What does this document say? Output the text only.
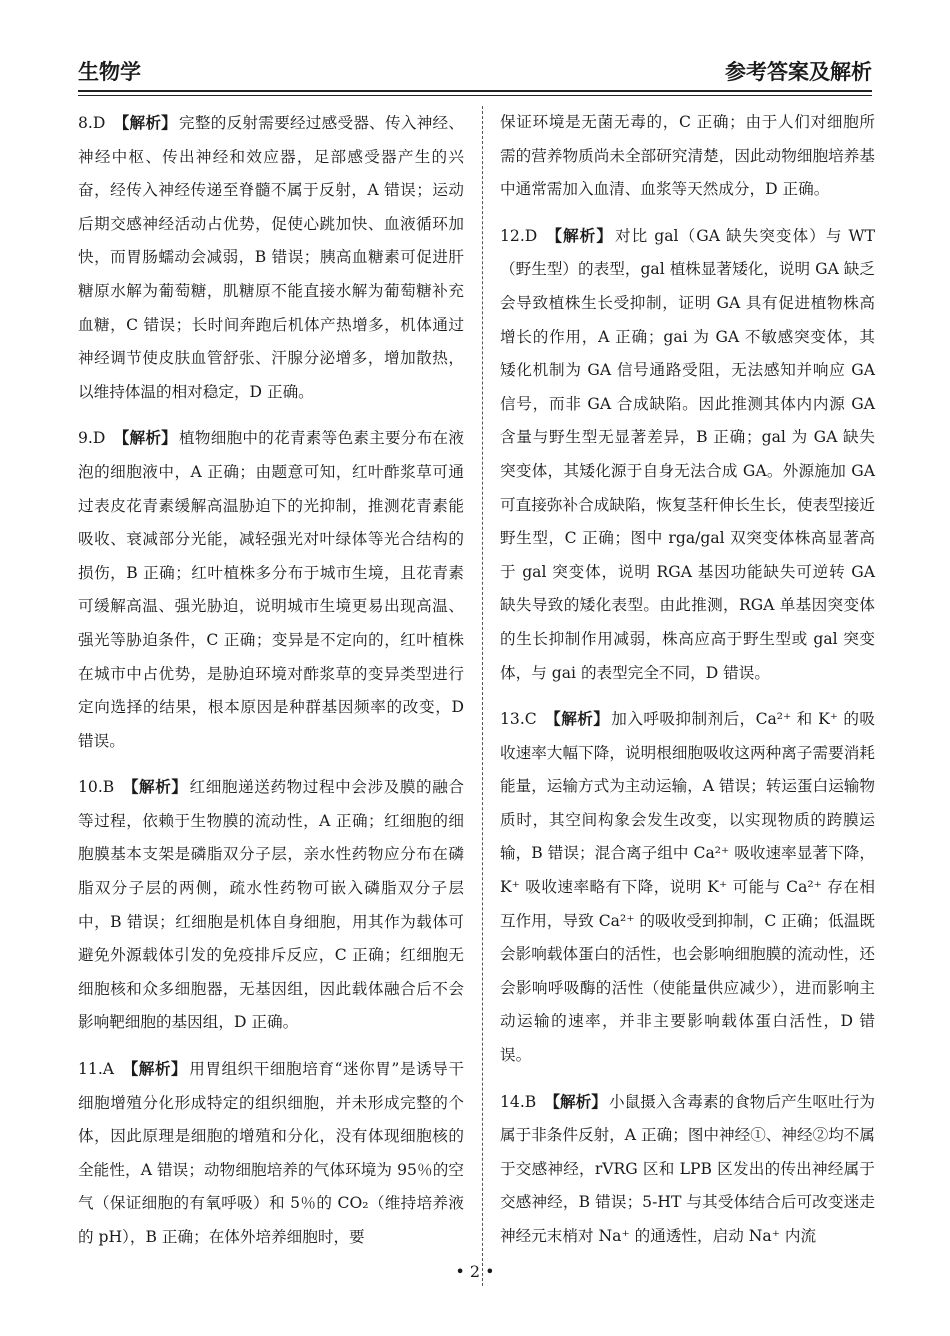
生物学	参考答案及解析
8.D 【解析】 完整的反射需要经过感受器、传入神经、神经中枢、传出神经和效应器，足部感受器产生的兴奋，经传入神经传递至脊髓不属于反射，A 错误；运动后期交感神经活动占优势，促使心跳加快、血液循环加快，而胃肠蠕动会减弱，B 错误；胰高血糖素可促进肝糖原水解为葡萄糖，肌糖原不能直接水解为葡萄糖补充血糖，C 错误；长时间奔跑后机体产热增多，机体通过神经调节使皮肤血管舒张、汗腺分泌增多，增加散热，以维持体温的相对稳定，D 正确。

9.D 【解析】 植物细胞中的花青素等色素主要分布在液泡的细胞液中，A 正确；由题意可知，红叶酢浆草可通过表皮花青素缓解高温胁迫下的光抑制，推测花青素能吸收、衰减部分光能，减轻强光对叶绿体等光合结构的损伤，B 正确；红叶植株多分布于城市生境，且花青素可缓解高温、强光胁迫，说明城市生境更易出现高温、强光等胁迫条件，C 正确；变异是不定向的，红叶植株在城市中占优势，是胁迫环境对酢浆草的变异类型进行定向选择的结果，根本原因是种群基因频率的改变，D 错误。

10.B 【解析】 红细胞递送药物过程中会涉及膜的融合等过程，依赖于生物膜的流动性，A 正确；红细胞的细胞膜基本支架是磷脂双分子层，亲水性药物应分布在磷脂双分子层的两侧，疏水性药物可嵌入磷脂双分子层中，B 错误；红细胞是机体自身细胞，用其作为载体可避免外源载体引发的免疫排斥反应，C 正确；红细胞无细胞核和众多细胞器，无基因组，因此载体融合后不会影响靶细胞的基因组，D 正确。

11.A 【解析】 用胃组织干细胞培育“迷你胃”是诱导干细胞增殖分化形成特定的组织细胞，并未形成完整的个体，因此原理是细胞的增殖和分化，没有体现细胞核的全能性，A 错误；动物细胞培养的气体环境为 95％的空气（保证细胞的有氧呼吸）和 5％的 CO₂（维持培养液的 pH），B 正确；在体外培养细胞时，要

保证环境是无菌无毒的，C 正确；由于人们对细胞所需的营养物质尚未全部研究清楚，因此动物细胞培养基中通常需加入血清、血浆等天然成分，D 正确。

12.D 【解析】 对比 gal（GA 缺失突变体）与 WT（野生型）的表型，gal 植株显著矮化，说明 GA 缺乏会导致植株生长受抑制，证明 GA 具有促进植物株高增长的作用，A 正确；gai 为 GA 不敏感突变体，其矮化机制为 GA 信号通路受阻，无法感知并响应 GA 信号，而非 GA 合成缺陷。因此推测其体内内源 GA 含量与野生型无显著差异，B 正确；gal 为 GA 缺失突变体，其矮化源于自身无法合成 GA。外源施加 GA 可直接弥补合成缺陷，恢复茎秆伸长生长，使表型接近野生型，C 正确；图中 rga/gal 双突变体株高显著高于 gal 突变体，说明 RGA 基因功能缺失可逆转 GA 缺失导致的矮化表型。由此推测，RGA 单基因突变体的生长抑制作用减弱，株高应高于野生型或 gal 突变体，与 gai 的表型完全不同，D 错误。

13.C 【解析】 加入呼吸抑制剂后，Ca²⁺ 和 K⁺ 的吸收速率大幅下降，说明根细胞吸收这两种离子需要消耗能量，运输方式为主动运输，A 错误；转运蛋白运输物质时，其空间构象会发生改变，以实现物质的跨膜运输，B 错误；混合离子组中 Ca²⁺ 吸收速率显著下降，K⁺ 吸收速率略有下降，说明 K⁺ 可能与 Ca²⁺ 存在相互作用，导致 Ca²⁺ 的吸收受到抑制，C 正确；低温既会影响载体蛋白的活性，也会影响细胞膜的流动性，还会影响呼吸酶的活性（使能量供应减少），进而影响主动运输的速率，并非主要影响载体蛋白活性，D 错误。

14.B 【解析】 小鼠摄入含毒素的食物后产生呕吐行为属于非条件反射，A 正确；图中神经①、神经②均不属于交感神经，rVRG 区和 LPB 区发出的传出神经属于交感神经，B 错误；5-HT 与其受体结合后可改变迷走神经元末梢对 Na⁺ 的通透性，启动 Na⁺ 内流

• 2 •
